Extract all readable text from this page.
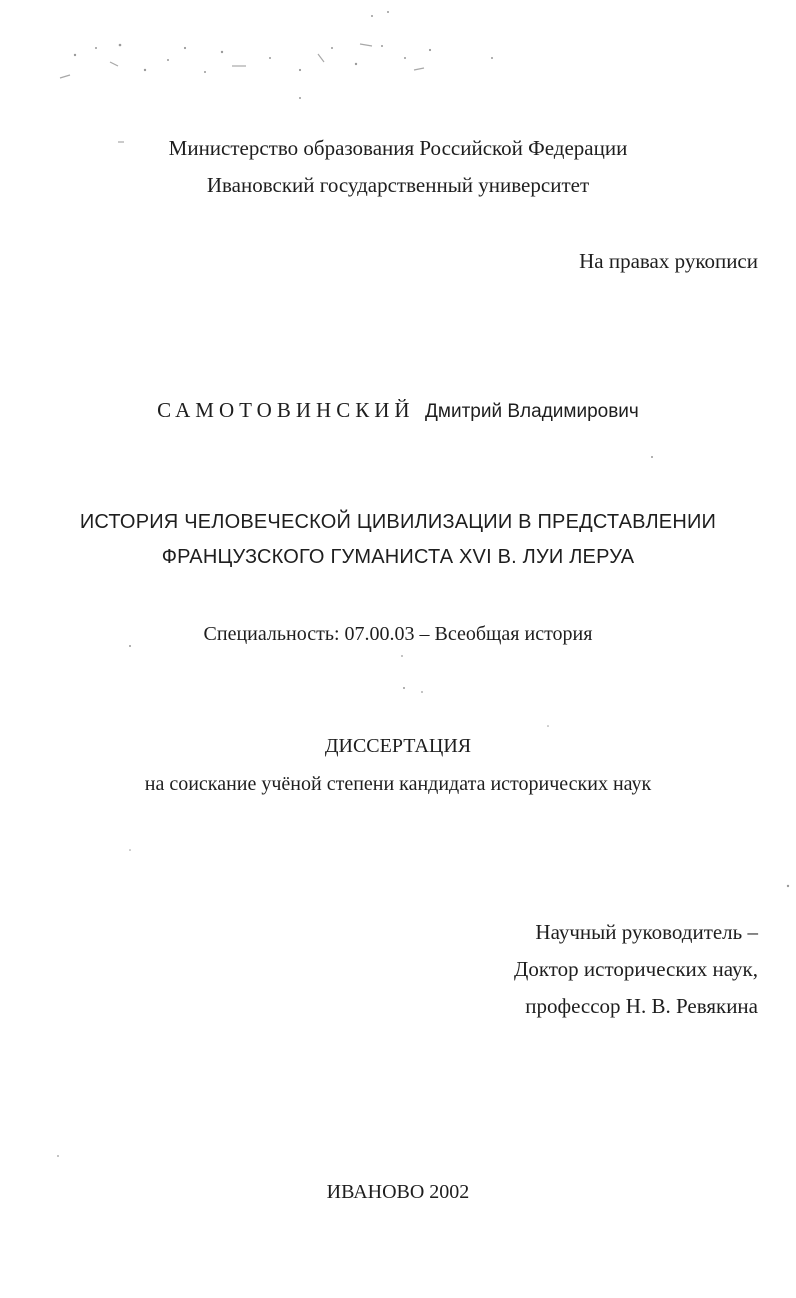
Министерство образования Российской Федерации
Ивановский государственный университет
На правах рукописи
САМОТОВИНСКИЙ Дмитрий Владимирович
ИСТОРИЯ ЧЕЛОВЕЧЕСКОЙ ЦИВИЛИЗАЦИИ В ПРЕДСТАВЛЕНИИ
ФРАНЦУЗСКОГО ГУМАНИСТА XVI В. ЛУИ ЛЕРУА
Специальность: 07.00.03 – Всеобщая история
ДИССЕРТАЦИЯ
на соискание учёной степени кандидата исторических наук
Научный руководитель –
Доктор исторических наук,
профессор Н. В. Ревякина
ИВАНОВО 2002
